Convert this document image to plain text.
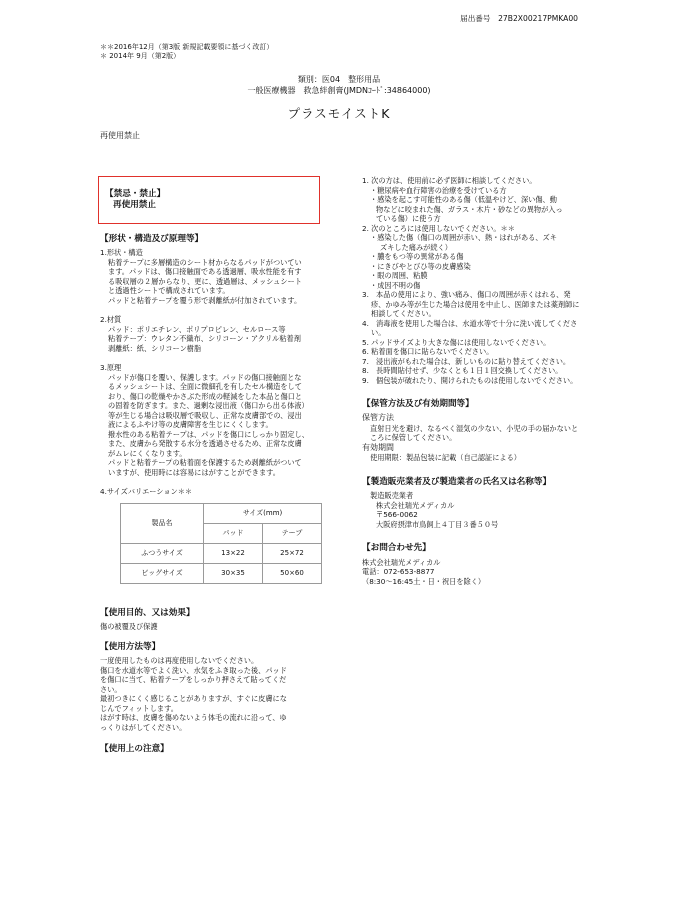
届出番号　27B2X00217PMKA00
＊＊2016年12月（第3版 新規記載要領に基づく改訂）
＊ 2014年 9月（第2版）
類別：医04　整形用品
一般医療機器　救急絆創膏(JMDNｺｰﾄﾞ:34864000)
プラスモイストK
再使用禁止
【禁忌・禁止】
再使用禁止
【形状・構造及び原理等】

1.形状・構造

粘着テープに多層構造のシート材からなるパッドがついてい

ます。パッドは、傷口接触面である透過層、吸水性能を有す

る吸収層の２層からなり、更に、透過層は、メッシュシート

と透過性シートで構成されています。

パッドと粘着テープを覆う形で剥離紙が付加されています。

2.材質

パッド：ポリエチレン、ポリプロピレン、セルロース等

粘着テープ：ウレタン不織布、シリコーン・アクリル粘着剤

剥離紙：紙、シリコーン樹脂

3.原理

パッドが傷口を覆い、保護します。パッドの傷口接触面とな

るメッシュシートは、全面に微細孔を有したセル構造をして

おり、傷口の乾燥やかさぶた形成の軽減をした本品と傷口と

の固着を防ぎます。また、過剰な浸出液（傷口から出る体液）

等が生じる場合は吸収層で吸収し、正常な皮膚部での、浸出

液によるふやけ等の皮膚障害を生じにくくします。

撥水性のある粘着テープは、パッドを傷口にしっかり固定し、

また、皮膚から発散する水分を透過させるため、正常な皮膚

がムレにくくなります。

パッドと粘着テープの粘着面を保護するため剥離紙がついて

いますが、使用時には容易にはがすことができます。

4.サイズバリエーション＊＊

製品名	サイズ(mm)	
	パッド	テープ
ふつうサイズ	13×22	25×72
ビッグサイズ	30×35	50×60
【使用目的、又は効果】

傷の被覆及び保護

【使用方法等】

一度使用したものは再度使用しないでください。

傷口を水道水等でよく洗い、水気をふき取った後、パッド

を傷口に当て、粘着テープをしっかり押さえて貼ってくだ

さい。

最初つきにくく感じることがありますが、すぐに皮膚にな

じんでフィットします。

はがす時は、皮膚を傷めないよう体毛の流れに沿って、ゆ

っくりはがしてください。

【使用上の注意】

1. 次の方は、使用前に必ず医師に相談してください。

・糖尿病や血行障害の治療を受けている方

・感染を起こす可能性のある傷（低温やけど、深い傷、動

物などに咬まれた傷、ガラス・木片・砂などの異物が入っ

ている傷）に使う方

2. 次のところには使用しないでください。＊＊

・感染した傷（傷口の周囲が赤い、熱・はれがある、ズキ

ズキした痛みが続く）

・膿をもつ等の異常がある傷

・にきびやとびひ等の皮膚感染

・眼の周囲、粘膜

・成因不明の傷

3.　本品の使用により、強い痛み、傷口の周囲が赤くはれる、発疹、かゆみ等が生じた場合は使用を中止し、医師または薬剤師に相談してください。

4.　消毒液を使用した場合は、水道水等で十分に洗い流してください。

5. パッドサイズより大きな傷には使用しないでください。

6. 粘着面を傷口に貼らないでください。

7.　浸出液がもれた場合は、新しいものに貼り替えてください。

8.　長時間貼付せず、少なくとも１日１回交換してください。

9.　個包装が破れたり、開けられたものは使用しないでください。

【保管方法及び有効期間等】

保管方法

直射日光を避け、なるべく湿気の少ない、小児の手の届かないところに保管してください。

有効期間

使用期限：製品包装に記載（自己認証による）

【製造販売業者及び製造業者の氏名又は名称等】

製造販売業者

株式会社瑞光メディカル

〒566-0062

大阪府摂津市鳥飼上４丁目３番５０号

【お問合わせ先】

株式会社瑞光メディカル

電話：072-653-8877

（8:30～16:45土・日・祝日を除く）
